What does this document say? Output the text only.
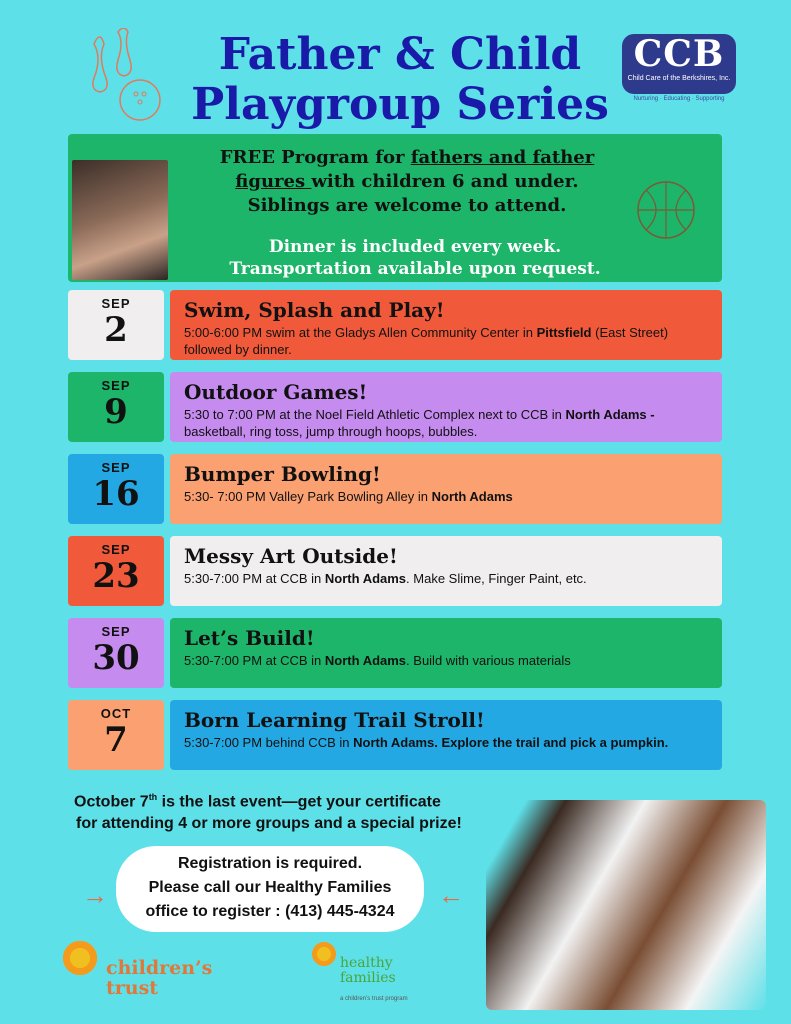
Father & Child
Playgroup Series
CCB
Child Care of the Berkshires, Inc.
Nurturing · Educating · Supporting
FREE Program for fathers and father
figures with children 6 and under.
Siblings are welcome to attend.
Dinner is included every week.
Transportation available upon request.
SEP
2	Swim, Splash and Play!
5:00-6:00 PM swim at the Gladys Allen Community Center in Pittsfield (East Street) followed by dinner.
SEP
9	Outdoor Games!
5:30 to 7:00 PM at the Noel Field Athletic Complex next to CCB in North Adams - basketball, ring toss, jump through hoops, bubbles.
SEP
16	Bumper Bowling!
5:30- 7:00 PM Valley Park Bowling Alley in North Adams
SEP
23	Messy Art Outside!
5:30-7:00 PM at CCB in North Adams. Make Slime, Finger Paint, etc.
SEP
30	Let’s Build!
5:30-7:00 PM at CCB in North Adams. Build with various materials
OCT
7	Born Learning Trail Stroll!
5:30-7:00 PM behind CCB in North Adams. Explore the trail and pick a pumpkin.
October 7th is the last event—get your certificate
for attending 4 or more groups and a special prize!
→
Registration is required.
Please call our Healthy Families
office to register : (413) 445-4324
←
children’s
trust
healthy
families
a children’s trust program
